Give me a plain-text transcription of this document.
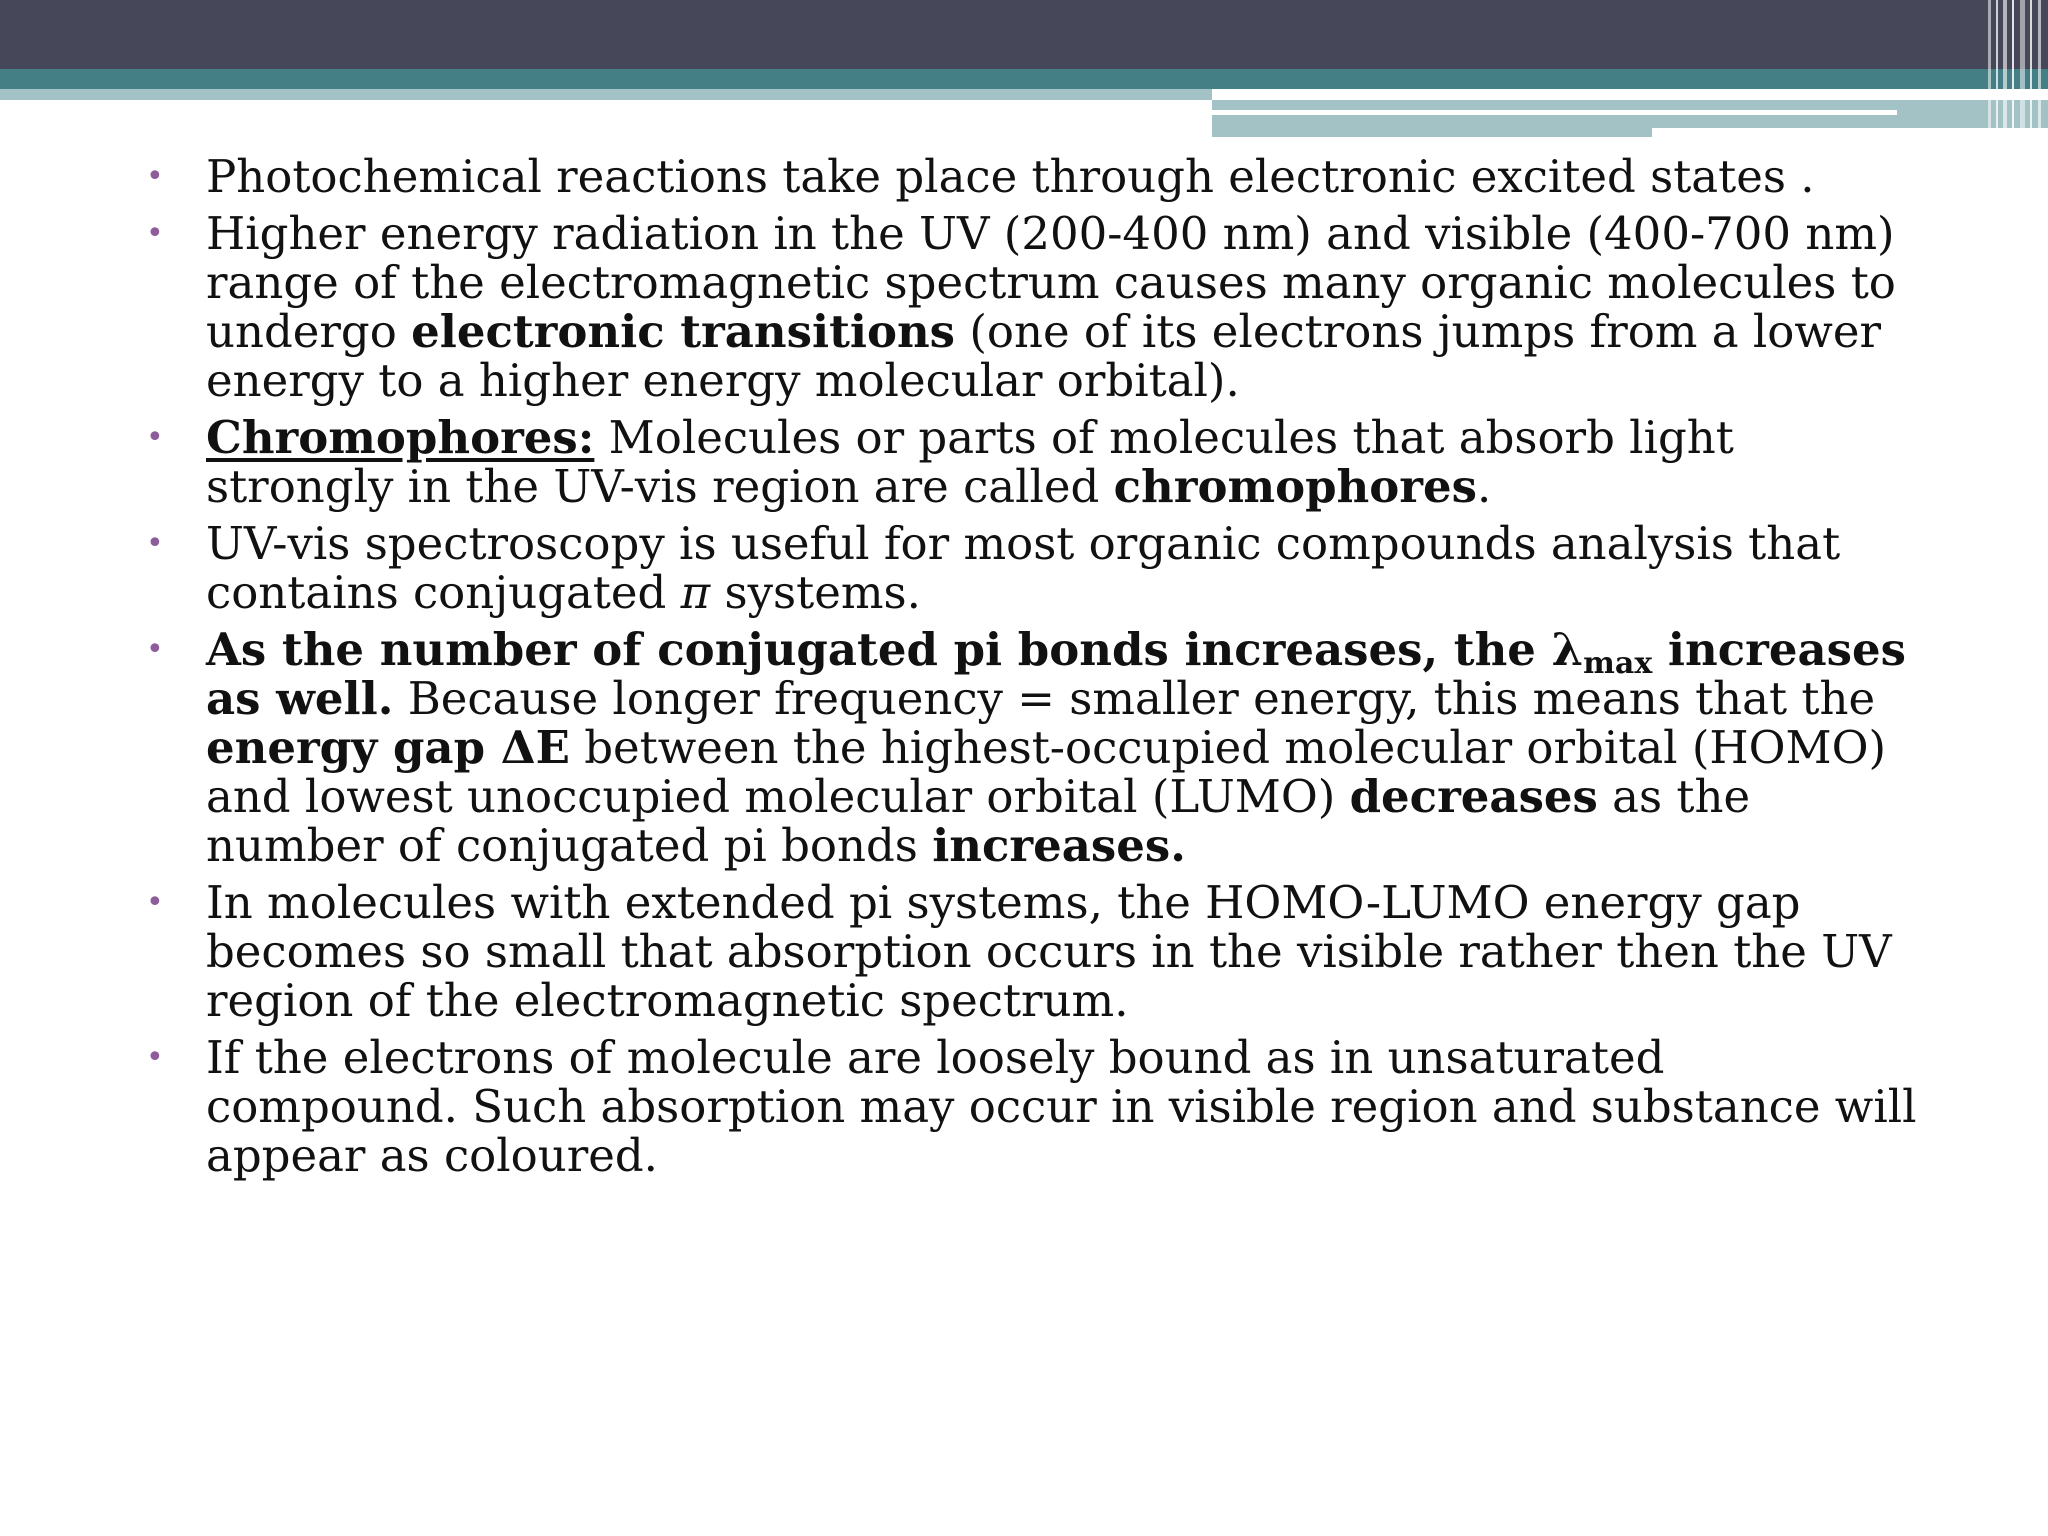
• Photochemical reactions take place through electronic excited states .
• Higher energy radiation in the UV (200-400 nm) and visible (400-700 nm) range of the electromagnetic spectrum causes many organic molecules to undergo electronic transitions (one of its electrons jumps from a lower energy to a higher energy molecular orbital).
• Chromophores: Molecules or parts of molecules that absorb light strongly in the UV-vis region are called chromophores.
• UV-vis spectroscopy is useful for most organic compounds analysis that contains conjugated π systems.
• As the number of conjugated pi bonds increases, the $\lambda_{max}$ increases as well. Because longer frequency = smaller energy, this means that the energy gap ΔE between the highest-occupied molecular orbital (HOMO) and lowest unoccupied molecular orbital (LUMO) decreases as the number of conjugated pi bonds increases.
• In molecules with extended pi systems, the HOMO-LUMO energy gap becomes so small that absorption occurs in the visible rather then the UV region of the electromagnetic spectrum.
• If the electrons of molecule are loosely bound as in unsaturated compound. Such absorption may occur in visible region and substance will appear as coloured.
